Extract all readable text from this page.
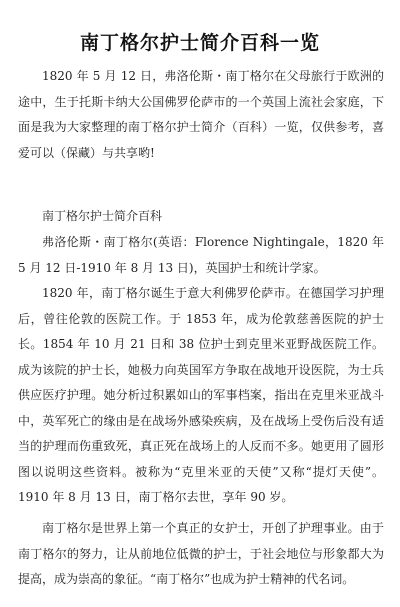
南丁格尔护士简介百科一览

1820 年 5 月 12 日，弗洛伦斯・南丁格尔在父母旅行于欧洲的途中，生于托斯卡纳大公国佛罗伦萨市的一个英国上流社会家庭，下面是我为大家整理的南丁格尔护士简介（百科）一览，仅供参考，喜爱可以（保藏）与共享哟!

南丁格尔护士简介百科

弗洛伦斯・南丁格尔(英语：Florence Nightingale，1820 年 5 月 12 日-1910 年 8 月 13 日)，英国护士和统计学家。

1820 年，南丁格尔诞生于意大利佛罗伦萨市。在德国学习护理后，曾往伦敦的医院工作。于 1853 年，成为伦敦慈善医院的护士长。1854 年 10 月 21 日和 38 位护士到克里米亚野战医院工作。成为该院的护士长，她极力向英国军方争取在战地开设医院，为士兵供应医疗护理。她分析过积累如山的军事档案，指出在克里米亚战斗中，英军死亡的缘由是在战场外感染疾病，及在战场上受伤后没有适当的护理而伤重致死，真正死在战场上的人反而不多。她更用了圆形图以说明这些资料。被称为“克里米亚的天使”又称“提灯天使”。1910 年 8 月 13 日，南丁格尔去世，享年 90 岁。

南丁格尔是世界上第一个真正的女护士，开创了护理事业。由于南丁格尔的努力，让从前地位低微的护士，于社会地位与形象都大为提高，成为崇高的象征。“南丁格尔”也成为护士精神的代名词。
